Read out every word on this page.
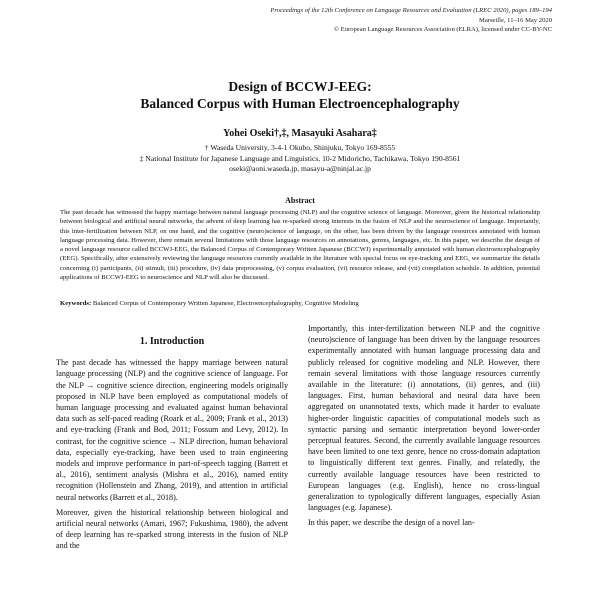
Proceedings of the 12th Conference on Language Resources and Evaluation (LREC 2020), pages 189–194
Marseille, 11–16 May 2020
© European Language Resources Association (ELRA), licensed under CC-BY-NC
Design of BCCWJ-EEG:
Balanced Corpus with Human Electroencephalography
Yohei Oseki†,‡, Masayuki Asahara‡
† Waseda University, 3-4-1 Okubo, Shinjuku, Tokyo 169-8555
‡ National Institute for Japanese Language and Linguistics, 10-2 Midoricho, Tachikawa, Tokyo 190-8561
oseki@aoni.waseda.jp, masayu-a@ninjal.ac.jp
Abstract
The past decade has witnessed the happy marriage between natural language processing (NLP) and the cognitive science of language. Moreover, given the historical relationship between biological and artificial neural networks, the advent of deep learning has re-sparked strong interests in the fusion of NLP and the neuroscience of language. Importantly, this inter-fertilization between NLP, on one hand, and the cognitive (neuro)science of language, on the other, has been driven by the language resources annotated with human language processing data. However, there remain several limitations with those language resources on annotations, genres, languages, etc. In this paper, we describe the design of a novel language resource called BCCWJ-EEG, the Balanced Corpus of Contemporary Written Japanese (BCCWJ) experimentally annotated with human electroencephalography (EEG). Specifically, after extensively reviewing the language resources currently available in the literature with special focus on eye-tracking and EEG, we summarize the details concerning (i) participants, (ii) stimuli, (iii) procedure, (iv) data preprocessing, (v) corpus evaluation, (vi) resource release, and (vii) compilation schedule. In addition, potential applications of BCCWJ-EEG to neuroscience and NLP will also be discussed.
Keywords: Balanced Corpus of Contemporary Written Japanese, Electroencephalography, Cognitive Modeling
1. Introduction

The past decade has witnessed the happy marriage between natural language processing (NLP) and the cognitive science of language. For the NLP → cognitive science direction, engineering models originally proposed in NLP have been employed as computational models of human language processing and evaluated against human behavioral data such as self-paced reading (Roark et al., 2009; Frank et al., 2013) and eye-tracking (Frank and Bod, 2011; Fossum and Levy, 2012). In contrast, for the cognitive science → NLP direction, human behavioral data, especially eye-tracking, have been used to train engineering models and improve performance in part-of-speech tagging (Barrett et al., 2016), sentiment analysis (Mishra et al., 2016), named entity recognition (Hollenstein and Zhang, 2019), and attention in artificial neural networks (Barrett et al., 2018).

Moreover, given the historical relationship between biological and artificial neural networks (Amari, 1967; Fukushima, 1980), the advent of deep learning has re-sparked strong interests in the fusion of NLP and the

Importantly, this inter-fertilization between NLP and the cognitive (neuro)science of language has been driven by the language resources experimentally annotated with human language processing data and publicly released for cognitive modeling and NLP. However, there remain several limitations with those language resources currently available in the literature: (i) annotations, (ii) genres, and (iii) languages. First, human behavioral and neural data have been aggregated on unannotated texts, which made it harder to evaluate higher-order linguistic capacities of computational models such as syntactic parsing and semantic interpretation beyond lower-order perceptual features. Second, the currently available language resources have been limited to one text genre, hence no cross-domain adaptation to linguistically different text genres. Finally, and relatedly, the currently available language resources have been restricted to European languages (e.g. English), hence no cross-lingual generalization to typologically different languages, especially Asian languages (e.g. Japanese).

In this paper, we describe the design of a novel lan-
